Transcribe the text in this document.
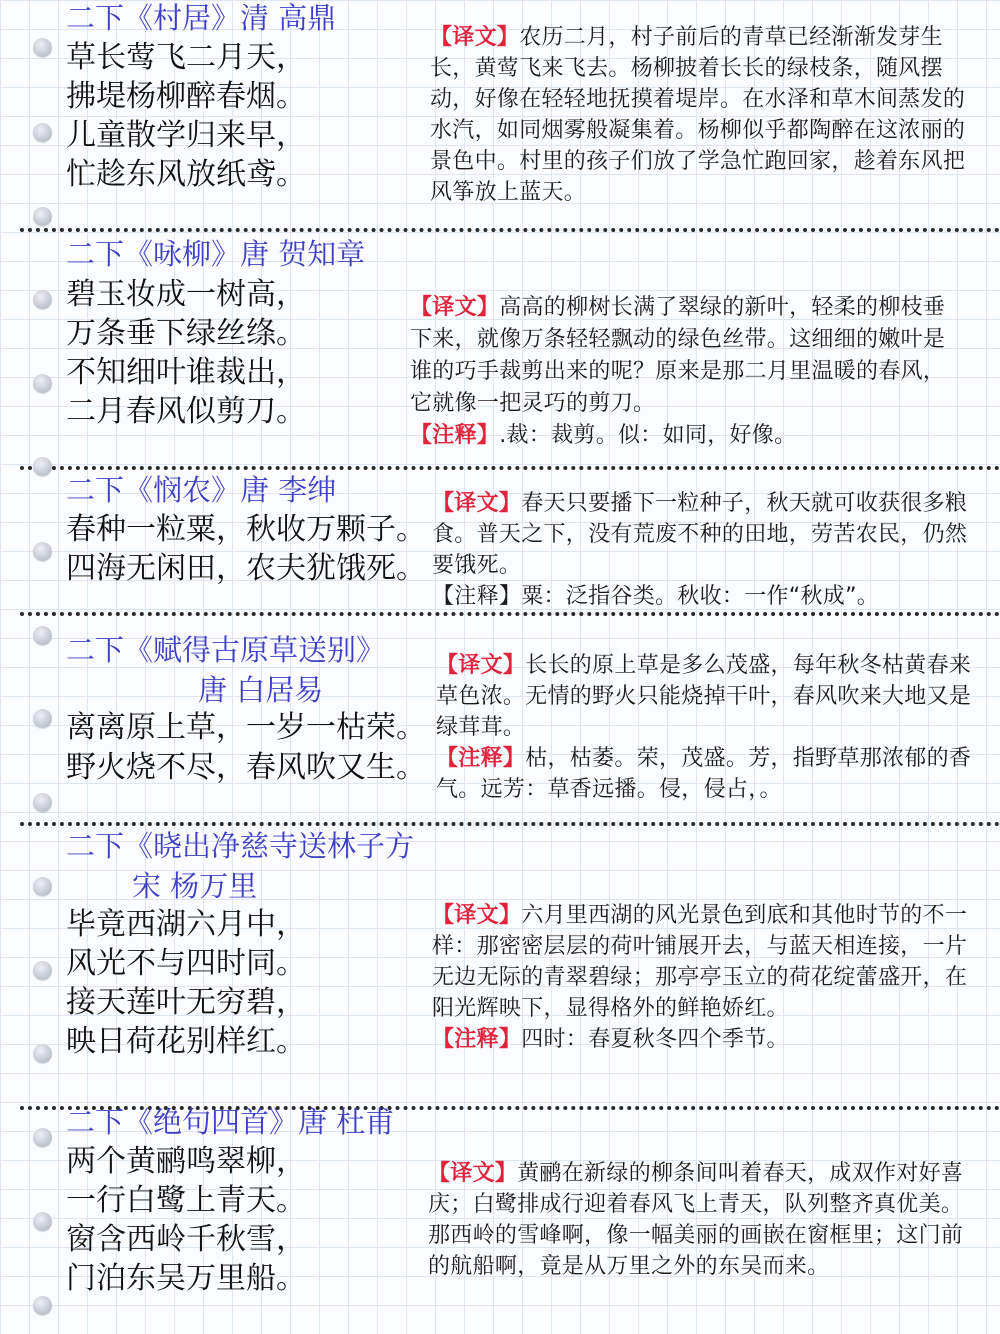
二下《村居》清 高鼎
草长莺飞二月天，
拂堤杨柳醉春烟。
儿童散学归来早，
忙趁东风放纸鸢。

【译文】农历二月，村子前后的青草已经渐渐发芽生长，黄莺飞来飞去。杨柳披着长长的绿枝条，随风摆动，好像在轻轻地抚摸着堤岸。在水泽和草木间蒸发的水汽，如同烟雾般凝集着。杨柳似乎都陶醉在这浓丽的景色中。村里的孩子们放了学急忙跑回家，趁着东风把风筝放上蓝天。

二下《咏柳》唐 贺知章
碧玉妆成一树高，
万条垂下绿丝绦。
不知细叶谁裁出，
二月春风似剪刀。

【译文】高高的柳树长满了翠绿的新叶，轻柔的柳枝垂下来，就像万条轻轻飘动的绿色丝带。这细细的嫩叶是谁的巧手裁剪出来的呢？原来是那二月里温暖的春风，它就像一把灵巧的剪刀。

【注释】.裁：裁剪。似：如同，好像。

二下《悯农》唐 李绅
春种一粒粟，秋收万颗子。
四海无闲田，农夫犹饿死。

【译文】春天只要播下一粒种子，秋天就可收获很多粮食。普天之下，没有荒废不种的田地，劳苦农民，仍然要饿死。

【注释】粟：泛指谷类。秋收：一作“秋成”。

二下《赋得古原草送别》
唐 白居易
离离原上草，一岁一枯荣。
野火烧不尽，春风吹又生。

【译文】长长的原上草是多么茂盛，每年秋冬枯黄春来草色浓。无情的野火只能烧掉干叶，春风吹来大地又是绿茸茸。

【注释】枯，枯萎。荣，茂盛。芳，指野草那浓郁的香气。远芳：草香远播。侵，侵占，。

二下《晓出净慈寺送林子方
宋 杨万里
毕竟西湖六月中，
风光不与四时同。
接天莲叶无穷碧，
映日荷花别样红。

【译文】六月里西湖的风光景色到底和其他时节的不一样：那密密层层的荷叶铺展开去，与蓝天相连接，一片无边无际的青翠碧绿；那亭亭玉立的荷花绽蕾盛开，在阳光辉映下，显得格外的鲜艳娇红。

【注释】四时：春夏秋冬四个季节。

二下《绝句四首》唐 杜甫
两个黄鹂鸣翠柳，
一行白鹭上青天。
窗含西岭千秋雪，
门泊东吴万里船。

【译文】黄鹂在新绿的柳条间叫着春天，成双作对好喜庆；白鹭排成行迎着春风飞上青天，队列整齐真优美。那西岭的雪峰啊，像一幅美丽的画嵌在窗框里；这门前的航船啊，竟是从万里之外的东吴而来。
